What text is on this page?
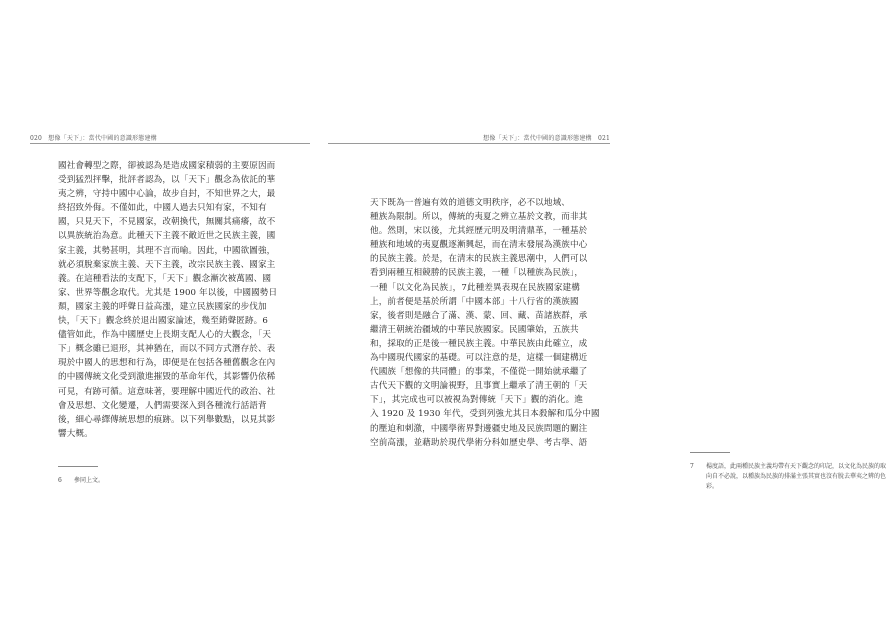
020　想像「天下」：當代中國的意識形態建構
國社會轉型之際，卻被認為是造成國家積弱的主要原因而
受到猛烈抨擊，批評者認為，以「天下」觀念為依託的華
夷之辨，守持中國中心論，故步自封，不知世界之大，最
終招致外侮。不僅如此，中國人過去只知有家，不知有
國，只見天下，不見國家，改朝換代，無關其痛癢，故不
以異族統治為意。此種天下主義不敵近世之民族主義，國
家主義，其勢甚明，其理不言而喻。因此，中國欲圖強，
就必須脫棄家族主義、天下主義，改宗民族主義、國家主
義。在這種看法的支配下，「天下」觀念漸次被萬國、國
家、世界等觀念取代。尤其是 1900 年以後，中國國勢日
頹，國家主義的呼聲日益高漲，建立民族國家的步伐加
快，「天下」觀念終於退出國家論述，幾至銷聲匿跡。6
儘管如此，作為中國歷史上長期支配人心的大觀念，「天
下」概念雖已退形，其神猶在，而以不同方式潛存於、表
現於中國人的思想和行為，即便是在包括各種舊觀念在內
的中國傳統文化受到激進摧毀的革命年代，其影響仍依稀
可見，有跡可循。這意味著，要理解中國近代的政治、社
會及思想、文化變遷，人們需要深入到各種流行話語背
後，細心尋繹傳統思想的痕跡。以下列舉數點，以見其影
響大概。
6 參同上文。
想像「天下」：當代中國的意識形態建構　021
7 楊度語，此兩種民族主義均帶有天下觀念的印記，以文化為民族的取
向自不必說，以種族為民族的排滿主張其實也沒有脫去華夷之辨的色
彩。
天下既為一普遍有效的道德文明秩序，必不以地域、
種族為限制。所以，傳統的夷夏之辨立基於文教，而非其
他。然則，宋以後，尤其經歷元明及明清鼎革，一種基於
種族和地域的夷夏觀逐漸興起，而在清末發展為漢族中心
的民族主義。於是，在清末的民族主義思潮中，人們可以
看到兩種互相競勝的民族主義，一種「以種族為民族」，
一種「以文化為民族」，7此種差異表現在民族國家建構
上，前者便是基於所謂「中國本部」十八行省的漢族國
家，後者則是融合了滿、漢、蒙、回、藏、苗諸族群，承
繼清王朝統治疆域的中華民族國家。民國肇始，五族共
和，採取的正是後一種民族主義。中華民族由此確立，成
為中國現代國家的基礎。可以注意的是，這樣一個建構近
代國族「想像的共同體」的事業，不僅從一開始就承繼了
古代天下觀的文明論視野，且事實上繼承了清王朝的「天
下」，其完成也可以被視為對傳統「天下」觀的消化。進
入 1920 及 1930 年代，受到列強尤其日本殺解和瓜分中國
的壓迫和刺激，中國學術界對邊疆史地及民族問題的關注
空前高漲，並藉助於現代學術分科如歷史學、考古學、語
